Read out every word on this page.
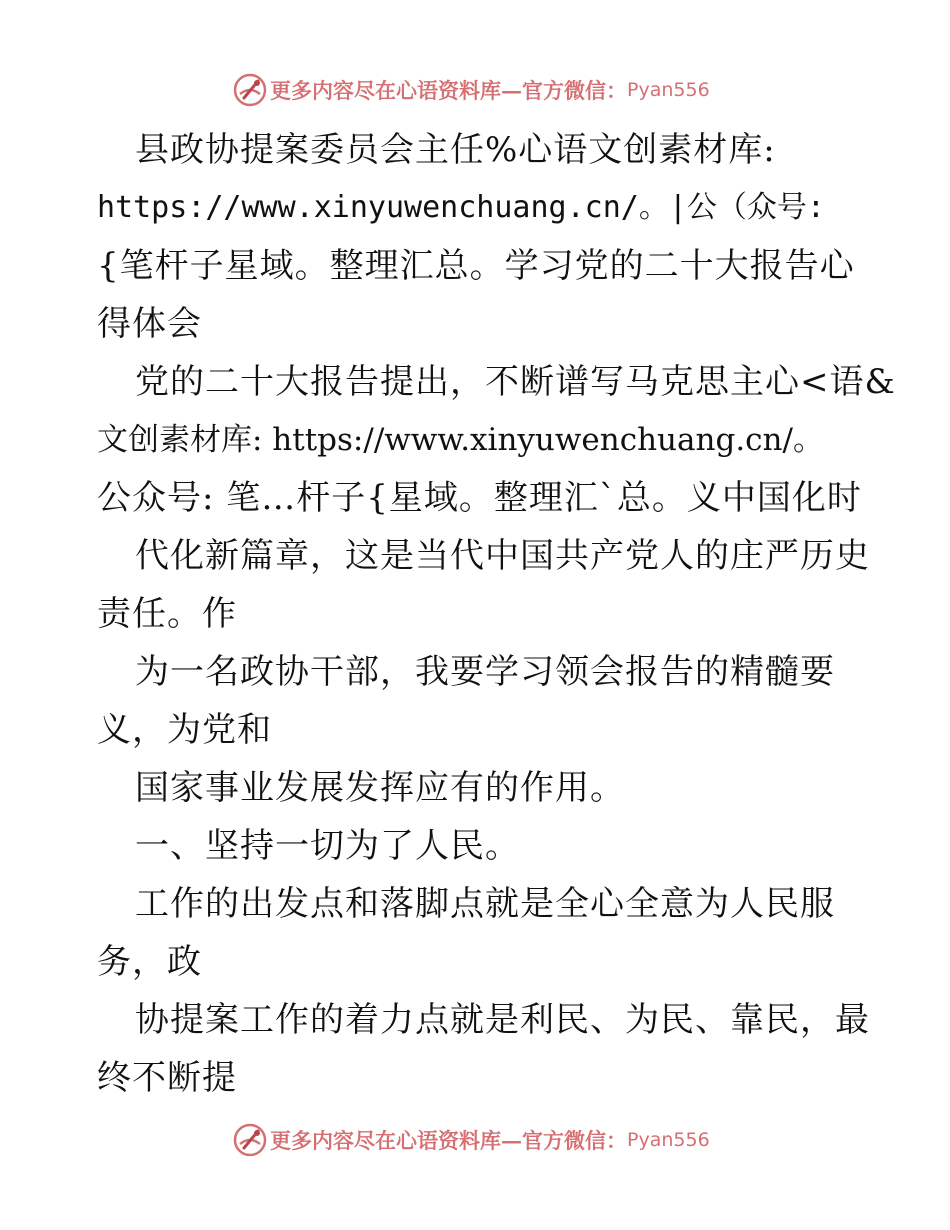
更多内容尽在心语资料库—官方微信： Pyan556
县政协提案委员会主任%心语文创素材库:
https://www.xinyuwenchuang.cn/。|公（众号:
{笔杆子星域。整理汇总。学习党的二十大报告心
得体会
党的二十大报告提出，不断谱写马克思主心<语&
文创素材库: https://www.xinyuwenchuang.cn/。
公众号: 笔…杆子{星域。整理汇`总。义中国化时
代化新篇章，这是当代中国共产党人的庄严历史
责任。作
为一名政协干部，我要学习领会报告的精髓要
义，为党和
国家事业发展发挥应有的作用。
一、坚持一切为了人民。
工作的出发点和落脚点就是全心全意为人民服
务，政
协提案工作的着力点就是利民、为民、靠民，最
终不断提
更多内容尽在心语资料库—官方微信： Pyan556
